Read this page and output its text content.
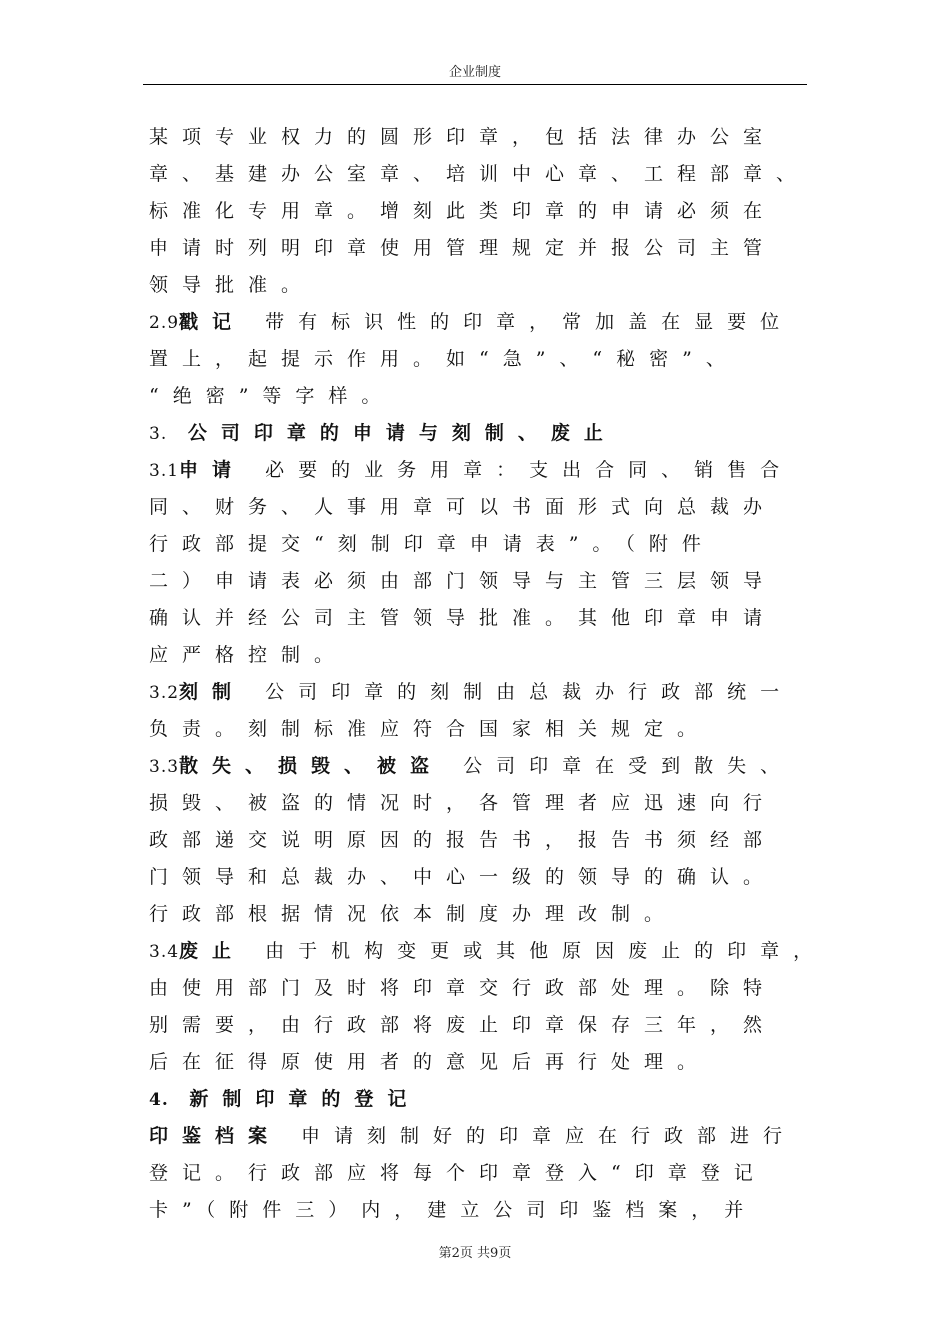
企业制度
某项专业权力的圆形印章，包括法律办公室
章、基建办公室章、培训中心章、工程部章、
标准化专用章。增刻此类印章的申请必须在
申请时列明印章使用管理规定并报公司主管
领导批准。
2.9戳记 带有标识性的印章，常加盖在显要位
置上，起提示作用。如“急”、“秘密”、
“绝密”等字样。
3. 公司印章的申请与刻制、废止
3.1申请 必要的业务用章：支出合同、销售合
同、财务、人事用章可以书面形式向总裁办
行政部提交“刻制印章申请表”。（附件
二）申请表必须由部门领导与主管三层领导
确认并经公司主管领导批准。其他印章申请
应严格控制。
3.2刻制 公司印章的刻制由总裁办行政部统一
负责。刻制标准应符合国家相关规定。
3.3散失、损毁、被盗 公司印章在受到散失、
损毁、被盗的情况时，各管理者应迅速向行
政部递交说明原因的报告书，报告书须经部
门领导和总裁办、中心一级的领导的确认。
行政部根据情况依本制度办理改制。
3.4废止 由于机构变更或其他原因废止的印章，
由使用部门及时将印章交行政部处理。除特
别需要，由行政部将废止印章保存三年，然
后在征得原使用者的意见后再行处理。
4. 新制印章的登记
印鉴档案 申请刻制好的印章应在行政部进行
登记。行政部应将每个印章登入“印章登记
卡”（附件三）内，建立公司印鉴档案，并
第2页 共9页
